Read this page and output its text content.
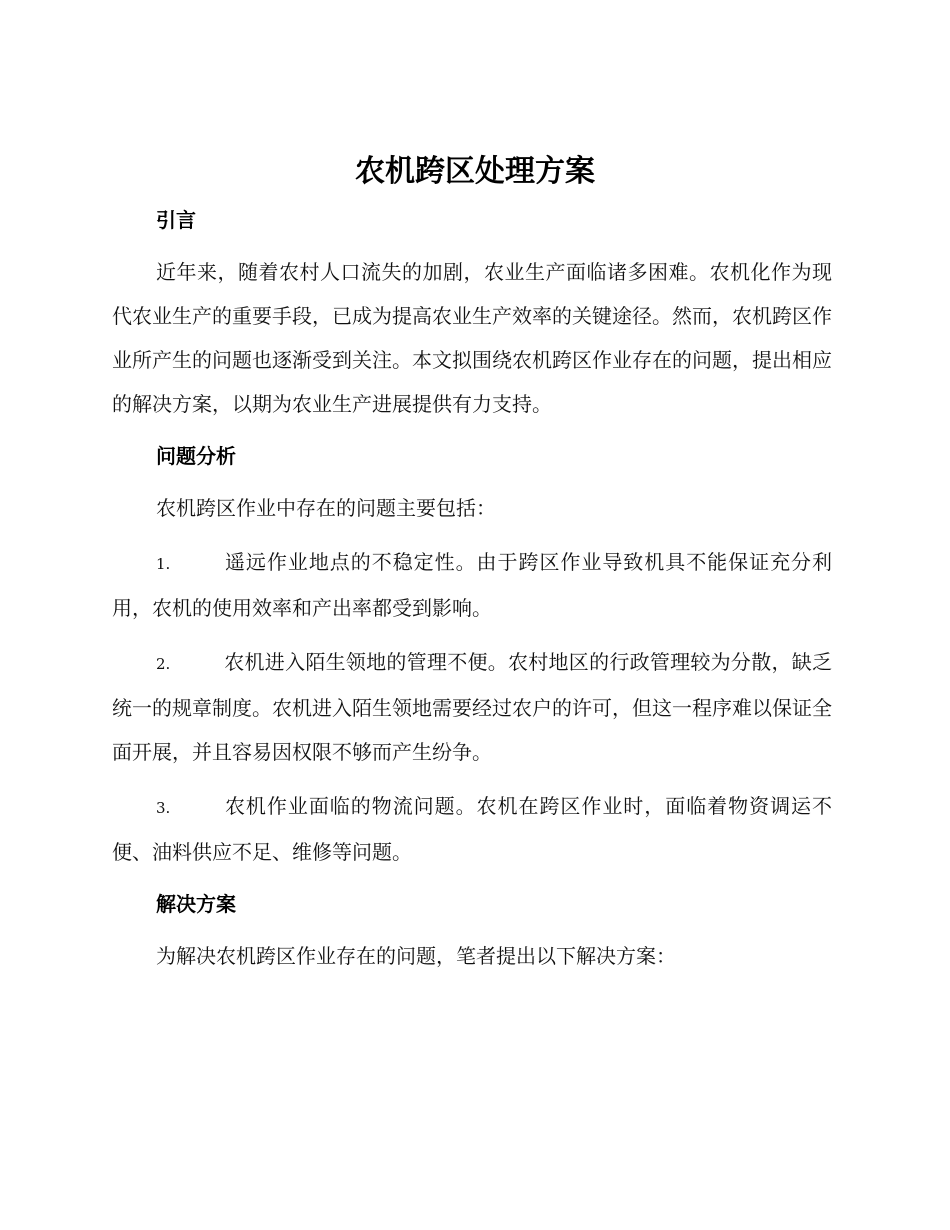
农机跨区处理方案
引言

近年来，随着农村人口流失的加剧，农业生产面临诸多困难。农机化作为现代农业生产的重要手段，已成为提高农业生产效率的关键途径。然而，农机跨区作业所产生的问题也逐渐受到关注。本文拟围绕农机跨区作业存在的问题，提出相应的解决方案，以期为农业生产进展提供有力支持。

问题分析

农机跨区作业中存在的问题主要包括：

1.	遥远作业地点的不稳定性。由于跨区作业导致机具不能保证充分利用，农机的使用效率和产出率都受到影响。

2.	农机进入陌生领地的管理不便。农村地区的行政管理较为分散，缺乏统一的规章制度。农机进入陌生领地需要经过农户的许可，但这一程序难以保证全面开展，并且容易因权限不够而产生纷争。

3.	农机作业面临的物流问题。农机在跨区作业时，面临着物资调运不便、油料供应不足、维修等问题。

解决方案

为解决农机跨区作业存在的问题，笔者提出以下解决方案：
